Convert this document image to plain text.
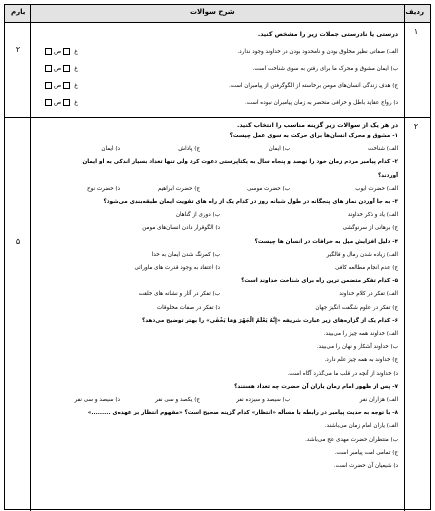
ردیف
شرح سوالات
بارم
۱
۲
درستی یا نادرستی جملات زیر را مشخص کنید.
الف) صفاتی نظیر مخلوق بودن و نامحدود بودن در خداوند وجود ندارد.
ب) ایمان مشوق و محرک ما برای رفتن به سوی شناخت است.
ج) هدف زندگی انسان‌های مومن برخاسته از الگوگرفتن از پیامبران است.
د) رواج عقاید باطل و خرافی منحصر به زمان پیامبران نبوده است.
غ ص
غ ص
غ ص
غ ص
۲
۵
در هر یک از سوالات زیر گزینه مناسب را انتخاب کنید.
۱- مشوق و محرک انسان‌ها برای حرکت به سوی عمل چیست؟
الف) شناخت
ب) ایمان
ج) پاداش
د) ایمان
۲- کدام پیامبر مردم زمان خود را نهصد و پنجاه سال به یکتاپرستی دعوت کرد ولی تنها تعداد بسیار اندکی به او ایمان
آوردند؟
الف) حضرت ایوب
ب) حضرت موسی
ج) حضرت ابراهیم
د) حضرت نوح
۳- به جا آوردن نماز های پنجگانه در طول شبانه روز در کدام یک از راه های تقویت ایمان طبقه‌بندی می‌شود؟
الف) یاد و ذکر خداوند
ب) دوری از گناهان
ج) برهانی از سرنوگشی
د) الگوقرار دادن انسان‌های مومن
۴- دلیل افزایش میل به خرافات در انسان ها چیست؟
الف) زیاده شدن رمال و فالگیر
ب) کمرنگ شدن ایمان به خدا
ج) عدم انجام مطالعه کافی
د) اعتقاد به وجود قدرت های ماورائی
۵- کدام تفکر متضمن ترین راه برای شناخت خداوند است؟
الف) تفکر در کلام خداوند
ب) تفکر در آثار و نشانه های خلقت
ج) تفکر در علوم شگفت انگیز جهان
د) تفکر در صفات مخلوقات
۶- کدام یک از گزاره‌های زیر عبارت شریفه «إِنَّهُ يَعْلَمُ الْجَهْرَ وَمَا يَخْفَى» را بهتر توضیح می‌دهد؟
الف) خداوند همه چیز را می‌بیند.
ب) خداوند آشکار و نهان را می‌بیند.
ج) خداوند به همه چیز علم دارد.
د) خداوند از آنچه در قلب ما می‌گذرد آگاه است.
۷- پس از ظهور امام زمان یاران آن حضرت چه تعداد هستند؟
الف) هزاران نفر
ب) سیصد و سیزده نفر
ج) یکصد و سی نفر
د) سیصد و سی نفر
۸- با توجه به حدیث پیامبر در رابطه با مسأله «انتظار» کدام گزینه صحیح است؟ «مفهوم انتظار بر عهده‌ی .........»
الف) یاران امام زمان می‌باشند.
ب) منتظران حضرت مهدی عج می‌باشد.
ج) تمامی امت پیامبر است.
د) شیعیان آن حضرت است.
